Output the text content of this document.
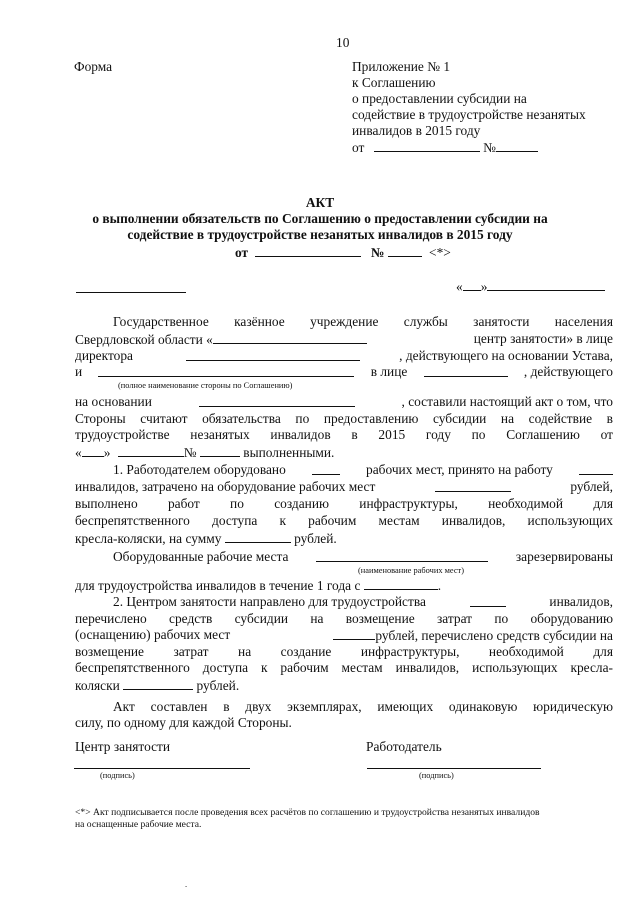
10
Форма	Приложение № 1
к Соглашению
о предоставлении субсидии на
содействие в трудоустройстве незанятых
инвалидов в 2015 году
от	№
АКТ
о выполнении обязательств по Соглашению о предоставлении субсидии на
содействие в трудоустройстве незанятых инвалидов в 2015 году
от	№	<*>
« »
Государственное казённое учреждение службы занятости населения
Свердловской области «	центр занятости» в лице
директора	, действующего на основании Устава,
и	в лице	, действующего
(полное наименование стороны по Соглашению)
на основании	, составили настоящий акт о том, что
Стороны считают обязательства по предоставлению субсидии на содействие в
трудоустройстве незанятых инвалидов в 2015 году по Соглашению от
« »	№	выполненными.
1. Работодателем оборудовано	рабочих мест, принято на работу
инвалидов, затрачено на оборудование рабочих мест	рублей,
выполнено работ по созданию инфраструктуры, необходимой для
беспрепятственного доступа к рабочим местам инвалидов, использующих
кресла-коляски, на сумму	рублей.
Оборудованные рабочие места	зарезервированы
(наименование рабочих мест)
для трудоустройства инвалидов в течение 1 года с	.
2. Центром занятости направлено для трудоустройства	инвалидов,
перечислено средств субсидии на возмещение затрат по оборудованию
(оснащению) рабочих мест	рублей, перечислено средств субсидии на
возмещение затрат на создание инфраструктуры, необходимой для
беспрепятственного доступа к рабочим местам инвалидов, использующих кресла-
коляски	рублей.
Акт составлен в двух экземплярах, имеющих одинаковую юридическую
силу, по одному для каждой Стороны.
Центр занятости	Работодатель
(подпись)	(подпись)
<*> Акт подписывается после проведения всех расчётов по соглашению и трудоустройства незанятых инвалидов
на оснащенные рабочие места.
.
